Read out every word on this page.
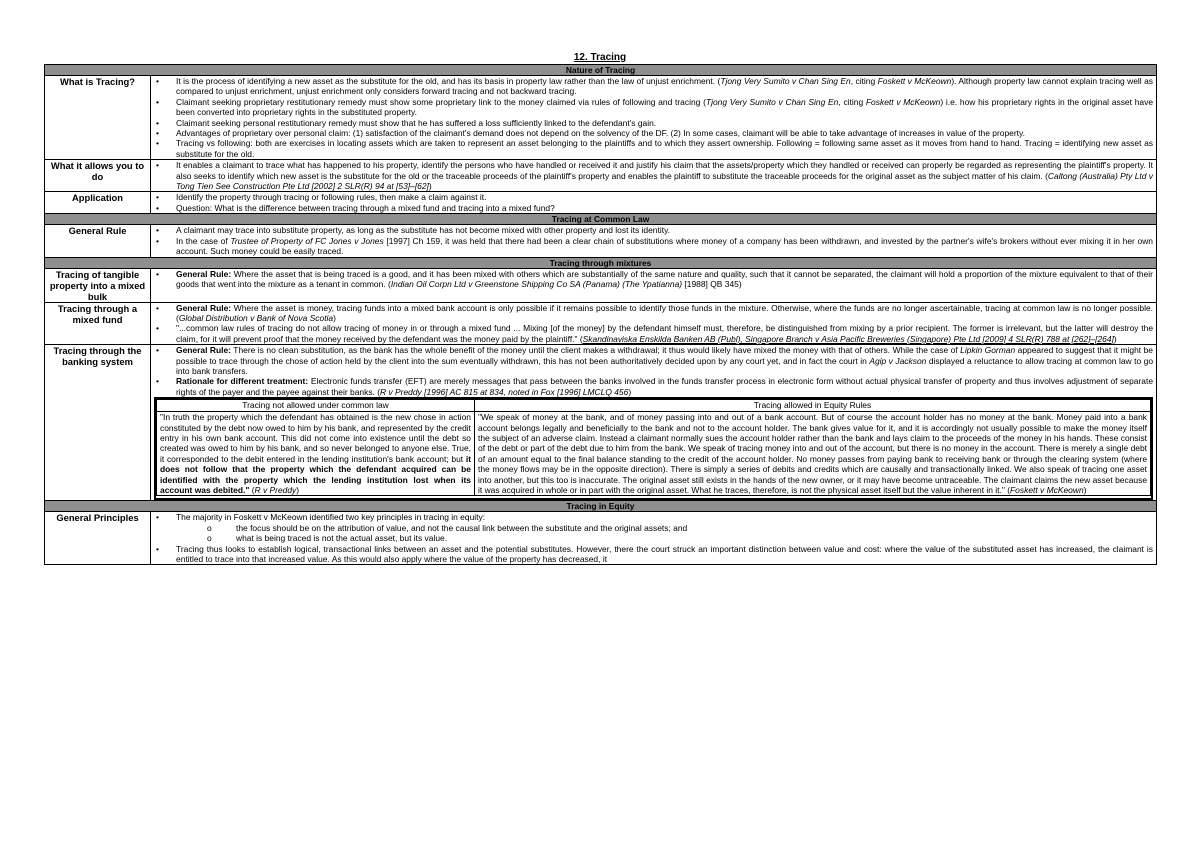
12. Tracing
Nature of Tracing
What is Tracing?	
•It is the process of identifying a new asset as the substitute for the old, and has its basis in property law rather than the law of unjust enrichment. (Tjong Very Sumito v Chan Sing En, citing Foskett v McKeown). Although property law cannot explain tracing well as compared to unjust enrichment, unjust enrichment only considers forward tracing and not backward tracing.
• Claimant seeking proprietary restitutionary remedy must show some proprietary link to the money claimed via rules of following and tracing (Tjong Very Sumito v Chan Sing En, citing Foskett v McKeown) i.e. how his proprietary rights in the original asset have been converted into proprietary rights in the substituted property.
• Claimant seeking personal restitutionary remedy must show that he has suffered a loss sufficiently linked to the defendant's gain.
• Advantages of proprietary over personal claim: (1) satisfaction of the claimant's demand does not depend on the solvency of the DF. (2) In some cases, claimant will be able to take advantage of increases in value of the property.
• Tracing vs following: both are exercises in locating assets which are taken to represent an asset belonging to the plaintiffs and to which they assert ownership. Following = following same asset as it moves from hand to hand. Tracing = identifying new asset as substitute for the old.

What it allows you to do	
• It enables a claimant to trace what has happened to his property, identify the persons who have handled or received it and justify his claim that the assets/property which they handled or received can properly be regarded as representing the plaintiff's property. It also seeks to identify which new asset is the substitute for the old or the traceable proceeds of the plaintiff's property and enables the plaintiff to substitute the traceable proceeds for the original asset as the subject matter of his claim. (Caltong (Australia) Pty Ltd v Tong Tien See Construction Pte Ltd [2002] 2 SLR(R) 94 at [53]–[62])

Application	
•Identify the property through tracing or following rules, then make a claim against it.
• Question: What is the difference between tracing through a mixed fund and tracing into a mixed fund?

Tracing at Common Law
General Rule	
•A claimant may trace into substitute property, as long as the substitute has not become mixed with other property and lost its identity.
• In the case of Trustee of Property of FC Jones v Jones [1997] Ch 159, it was held that there had been a clear chain of substitutions where money of a company has been withdrawn, and invested by the partner's wife's brokers without ever mixing it in her own account. Such money could be easily traced.

Tracing through mixtures
Tracing of tangible property into a mixed bulk	
• General Rule: Where the asset that is being traced is a good, and it has been mixed with others which are substantially of the same nature and quality, such that it cannot be separated, the claimant will hold a proportion of the mixture equivalent to that of their goods that went into the mixture as a tenant in common. (Indian Oil Corpn Ltd v Greenstone Shipping Co SA (Panama) (The Ypatianna) [1988] QB 345)

Tracing through a mixed fund	
• General Rule: Where the asset is money, tracing funds into a mixed bank account is only possible if it remains possible to identify those funds in the mixture. Otherwise, where the funds are no longer ascertainable, tracing at common law is no longer possible. (Global Distribution v Bank of Nova Scotia)
• "...common law rules of tracing do not allow tracing of money in or through a mixed fund ... Mixing [of the money] by the defendant himself must, therefore, be distinguished from mixing by a prior recipient. The former is irrelevant, but the latter will destroy the claim, for it will prevent proof that the money received by the defendant was the money paid by the plaintiff." (Skandinaviska Enskilda Banken AB (Publ), Singapore Branch v Asia Pacific Breweries (Singapore) Pte Ltd [2009] 4 SLR(R) 788 at [262]–[264])

Tracing through the banking system	
• General Rule: There is no clean substitution, as the bank has the whole benefit of the money until the client makes a withdrawal; it thus would likely have mixed the money with that of others. While the case of Lipkin Gorman appeared to suggest that it might be possible to trace through the chose of action held by the client into the sum eventually withdrawn, this has not been authoritatively decided upon by any court yet, and in fact the court in Agip v Jackson displayed a reluctance to allow tracing at common law to go into bank transfers.
• Rationale for different treatment: Electronic funds transfer (EFT) are merely messages that pass between the banks involved in the funds transfer process in electronic form without actual physical transfer of property and thus involves adjustment of separate rights of the payer and the payee against their banks. (R v Preddy [1996] AC 815 at 834, noted in Fox [1996] LMCLQ 456)
Tracing not allowed under common law	Tracing allowed in Equity Rules
"In truth the property which the defendant has obtained is the new chose in action constituted by the debt now owed to him by his bank, and represented by the credit entry in his own bank account. This did not come into existence until the debt so created was owed to him by his bank, and so never belonged to anyone else. True, it corresponded to the debit entered in the lending institution's bank account; but it does not follow that the property which the defendant acquired can be identified with the property which the lending institution lost when its account was debited." (R v Preddy)	"We speak of money at the bank, and of money passing into and out of a bank account. But of course the account holder has no money at the bank. Money paid into a bank account belongs legally and beneficially to the bank and not to the account holder. The bank gives value for it, and it is accordingly not usually possible to make the money itself the subject of an adverse claim. Instead a claimant normally sues the account holder rather than the bank and lays claim to the proceeds of the money in his hands. These consist of the debt or part of the debt due to him from the bank. We speak of tracing money into and out of the account, but there is no money in the account. There is merely a single debt of an amount equal to the final balance standing to the credit of the account holder. No money passes from paying bank to receiving bank or through the clearing system (where the money flows may be in the opposite direction). There is simply a series of debits and credits which are causally and transactionally linked. We also speak of tracing one asset into another, but this too is inaccurate. The original asset still exists in the hands of the new owner, or it may have become untraceable. The claimant claims the new asset because it was acquired in whole or in part with the original asset. What he traces, therefore, is not the physical asset itself but the value inherent in it." (Foskett v McKeown)

Tracing in Equity
General Principles	
•The majority in Foskett v McKeown identified two key principles in tracing in equity:
o the focus should be on the attribution of value, and not the causal link between the substitute and the original assets; and
o what is being traced is not the actual asset, but its value.
• Tracing thus looks to establish logical, transactional links between an asset and the potential substitutes. However, there the court struck an important distinction between value and cost: where the value of the substituted asset has increased, the claimant is entitled to trace into that increased value. As this would also apply where the value of the property has decreased, it
